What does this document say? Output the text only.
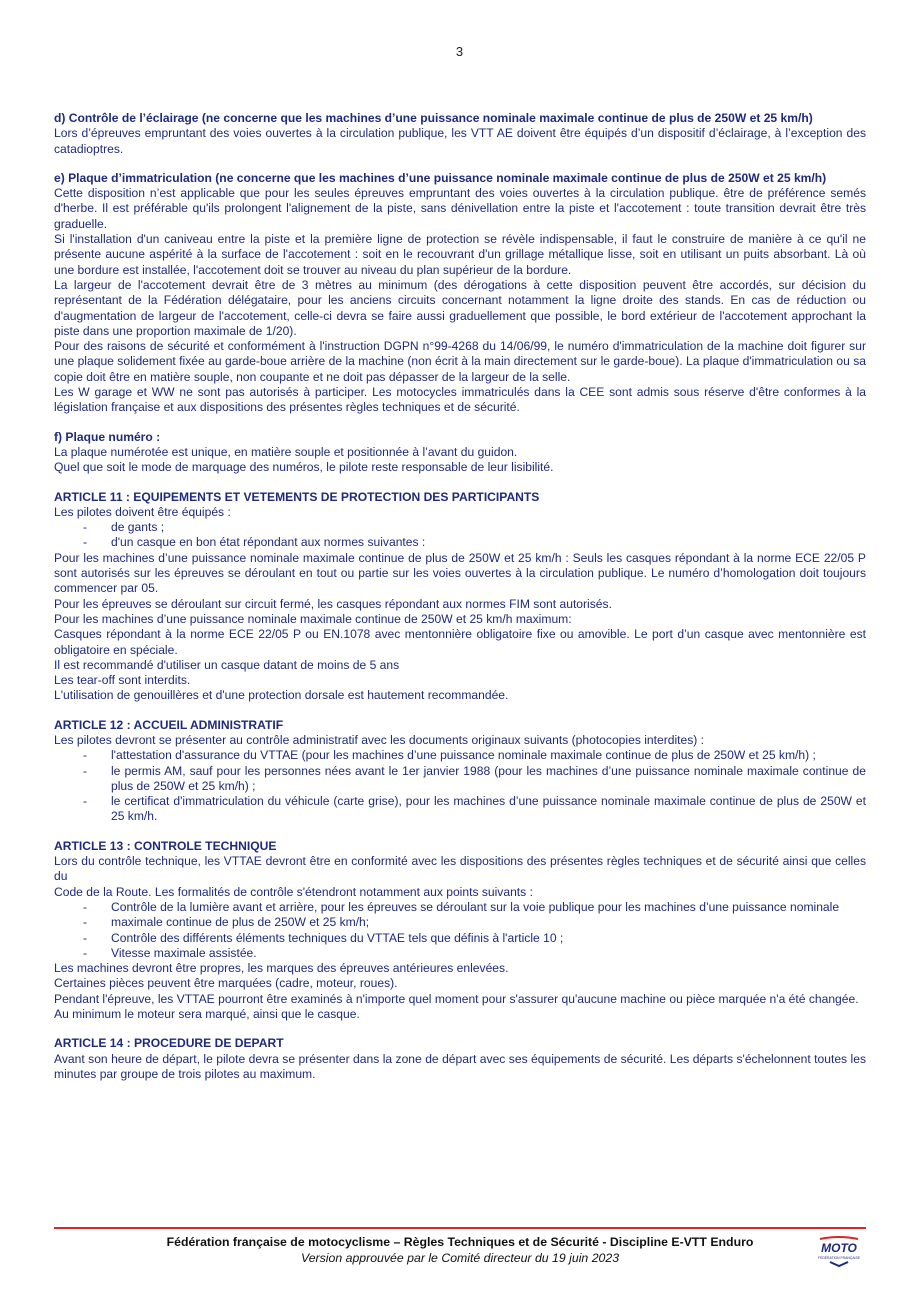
3

d) Contrôle de l’éclairage (ne concerne que les machines d’une puissance nominale maximale continue de plus de 250W et 25 km/h)

Lors d’épreuves empruntant des voies ouvertes à la circulation publique, les VTT AE doivent être équipés d’un dispositif d’éclairage, à l’exception des catadioptres.

e) Plaque d’immatriculation (ne concerne que les machines d’une puissance nominale maximale continue de plus de 250W et 25 km/h)

Cette disposition n’est applicable que pour les seules épreuves empruntant des voies ouvertes à la circulation publique. être de préférence semés d'herbe. Il est préférable qu'ils prolongent l'alignement de la piste, sans dénivellation entre la piste et l'accotement : toute transition devrait être très graduelle.

Si l'installation d'un caniveau entre la piste et la première ligne de protection se révèle indispensable, il faut le construire de manière à ce qu'il ne présente aucune aspérité à la surface de l'accotement : soit en le recouvrant d'un grillage métallique lisse, soit en utilisant un puits absorbant. Là où une bordure est installée, l'accotement doit se trouver au niveau du plan supérieur de la bordure.

La largeur de l'accotement devrait être de 3 mètres au minimum (des dérogations à cette disposition peuvent être accordés, sur décision du représentant de la Fédération délégataire, pour les anciens circuits concernant notamment la ligne droite des stands. En cas de réduction ou d'augmentation de largeur de l'accotement, celle-ci devra se faire aussi graduellement que possible, le bord extérieur de l'accotement approchant la piste dans une proportion maximale de 1/20).

Pour des raisons de sécurité et conformément à l'instruction DGPN n°99-4268 du 14/06/99, le numéro d'immatriculation de la machine doit figurer sur une plaque solidement fixée au garde-boue arrière de la machine (non écrit à la main directement sur le garde-boue). La plaque d'immatriculation ou sa copie doit être en matière souple, non coupante et ne doit pas dépasser de la largeur de la selle.

Les W garage et WW ne sont pas autorisés à participer. Les motocycles immatriculés dans la CEE sont admis sous réserve d'être conformes à la législation française et aux dispositions des présentes règles techniques et de sécurité.

f) Plaque numéro :

La plaque numérotée est unique, en matière souple et positionnée à l’avant du guidon.

Quel que soit le mode de marquage des numéros, le pilote reste responsable de leur lisibilité.

ARTICLE 11 : EQUIPEMENTS ET VETEMENTS DE PROTECTION DES PARTICIPANTS

Les pilotes doivent être équipés :

- de gants ;
- d'un casque en bon état répondant aux normes suivantes :

Pour les machines d’une puissance nominale maximale continue de plus de 250W et 25 km/h : Seuls les casques répondant à la norme ECE 22/05 P sont autorisés sur les épreuves se déroulant en tout ou partie sur les voies ouvertes à la circulation publique. Le numéro d’homologation doit toujours commencer par 05.

Pour les épreuves se déroulant sur circuit fermé, les casques répondant aux normes FIM sont autorisés.

Pour les machines d’une puissance nominale maximale continue de 250W et 25 km/h maximum:

Casques répondant à la norme ECE 22/05 P ou EN.1078 avec mentonnière obligatoire fixe ou amovible. Le port d’un casque avec mentonnière est obligatoire en spéciale.

Il est recommandé d'utiliser un casque datant de moins de 5 ans

Les tear-off sont interdits.

L'utilisation de genouillères et d'une protection dorsale est hautement recommandée.

ARTICLE 12 : ACCUEIL ADMINISTRATIF

Les pilotes devront se présenter au contrôle administratif avec les documents originaux suivants (photocopies interdites) :

- l'attestation d'assurance du VTTAE (pour les machines d’une puissance nominale maximale continue de plus de 250W et 25 km/h) ;
- le permis AM, sauf pour les personnes nées avant le 1er janvier 1988 (pour les machines d’une puissance nominale maximale continue de plus de 250W et 25 km/h) ;
- le certificat d'immatriculation du véhicule (carte grise), pour les machines d’une puissance nominale maximale continue de plus de 250W et 25 km/h.

ARTICLE 13 : CONTROLE TECHNIQUE

Lors du contrôle technique, les VTTAE devront être en conformité avec les dispositions des présentes règles techniques et de sécurité ainsi que celles du

Code de la Route. Les formalités de contrôle s'étendront notamment aux points suivants :

- Contrôle de la lumière avant et arrière, pour les épreuves se déroulant sur la voie publique pour les machines d’une puissance nominale
- maximale continue de plus de 250W et 25 km/h;
- Contrôle des différents éléments techniques du VTTAE tels que définis à l'article 10 ;
- Vitesse maximale assistée.

Les machines devront être propres, les marques des épreuves antérieures enlevées.

Certaines pièces peuvent être marquées (cadre, moteur, roues).

Pendant l'épreuve, les VTTAE pourront être examinés à n'importe quel moment pour s'assurer qu'aucune machine ou pièce marquée n'a été changée.

Au minimum le moteur sera marqué, ainsi que le casque.

ARTICLE 14 : PROCEDURE DE DEPART

Avant son heure de départ, le pilote devra se présenter dans la zone de départ avec ses équipements de sécurité. Les départs s'échelonnent toutes les minutes par groupe de trois pilotes au maximum.

Fédération française de motocyclisme – Règles Techniques et de Sécurité - Discipline E-VTT Enduro
Version approuvée par le Comité directeur du 19 juin 2023
MOTO
FÉDÉRATION FRANÇAISE
